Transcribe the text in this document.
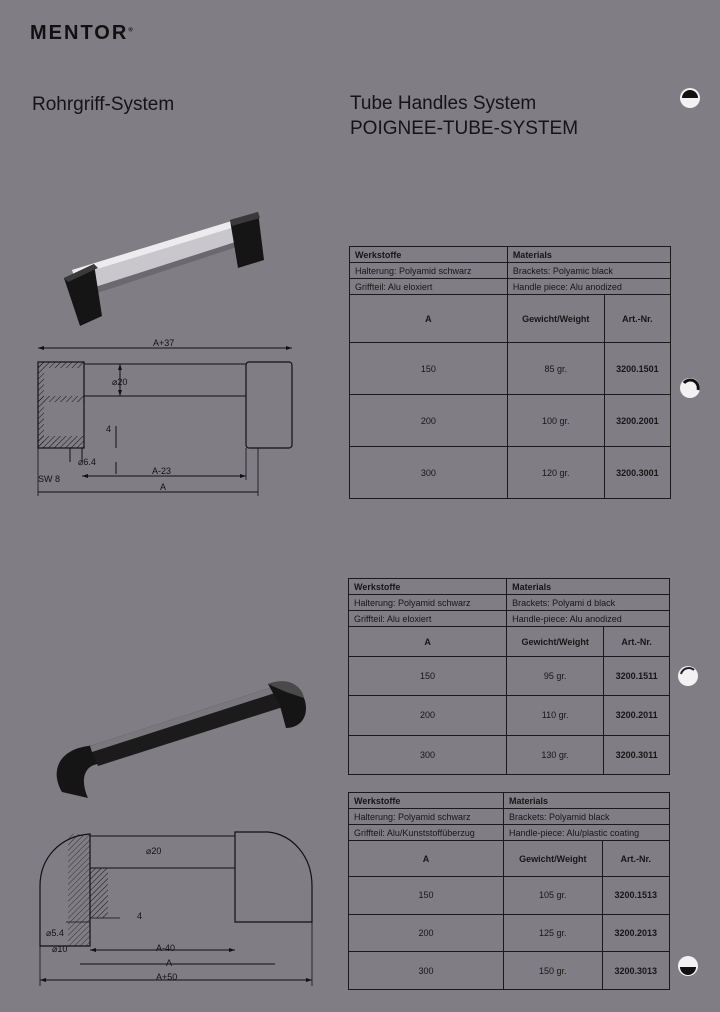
MENTOR®
Rohrgriff-System	Tube Handles System
POIGNEE-TUBE-SYSTEM
A+37
⌀20
4
⌀6.4
SW 8
A-23
A
Werkstoffe	Materials	
Halterung: Polyamid schwarz	Brackets: Polyamic black	
Griffteil: Alu eloxiert	Handle piece: Alu anodized	
A	Gewicht/Weight	Art.-Nr.
150	85 gr.	3200.1501
200	100 gr.	3200.2001
300	120 gr.	3200.3001
Werkstoffe	Materials	
Halterung: Polyamid schwarz	Brackets: Polyami d black	
Griffteil: Alu eloxiert	Handle-piece: Alu anodized	
A	Gewicht/Weight	Art.-Nr.
150	95 gr.	3200.1511
200	110 gr.	3200.2011
300	130 gr.	3200.3011
⌀20
4
⌀5.4
⌀10	A-40
A
A+50
Werkstoffe	Materials	
Halterung: Polyamid schwarz	Brackets: Polyamid black	
Griffteil: Alu/Kunststoffüberzug	Handle-piece: Alu/plastic coating	
A	Gewicht/Weight	Art.-Nr.
150	105 gr.	3200.1513
200	125 gr.	3200.2013
300	150 gr.	3200.3013
